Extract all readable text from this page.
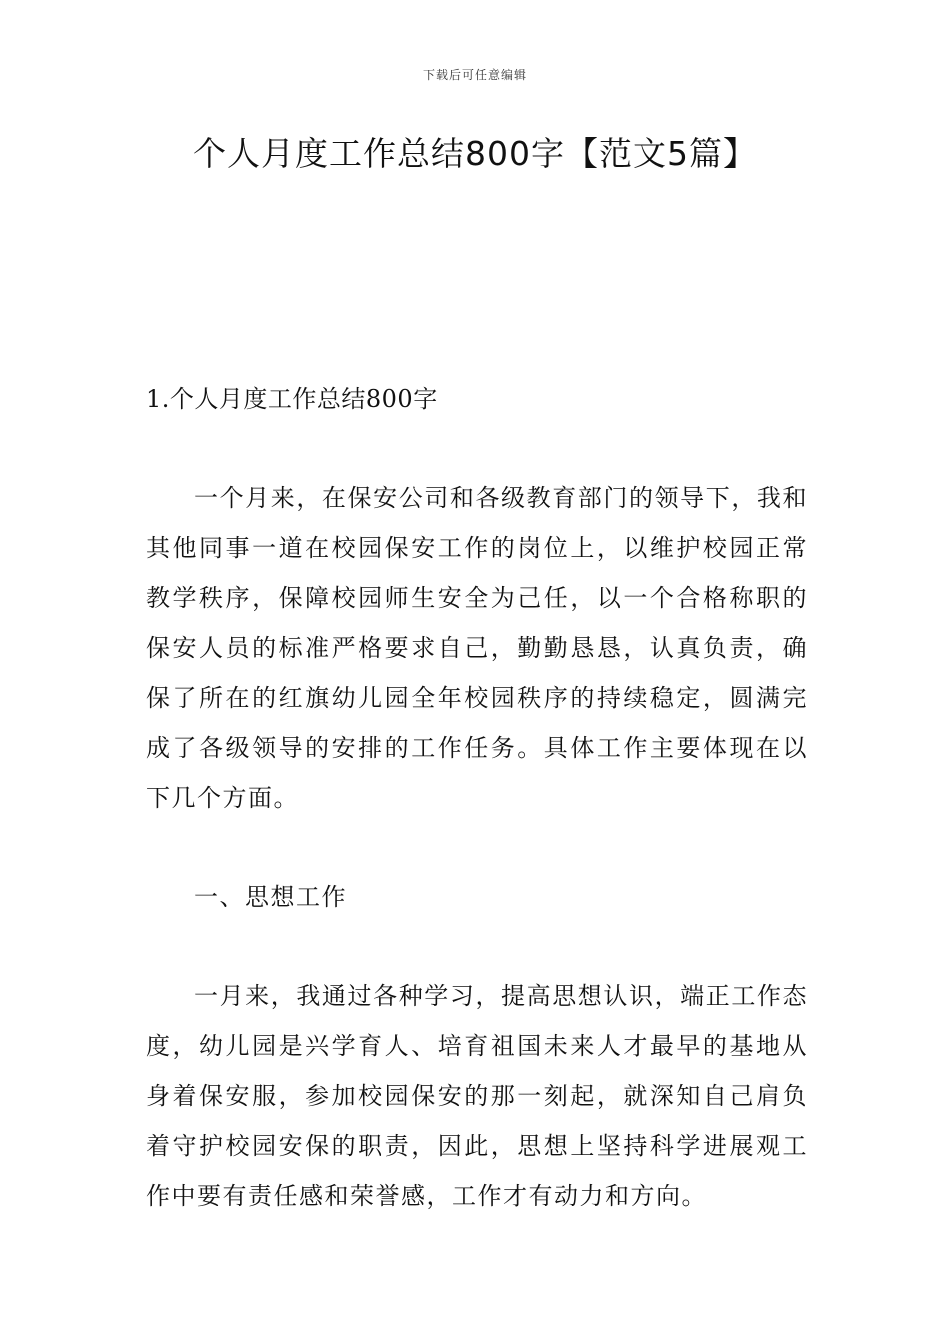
下载后可任意编辑
个人月度工作总结800字【范文5篇】
1.个人月度工作总结800字

一个月来，在保安公司和各级教育部门的领导下，我和其他同事一道在校园保安工作的岗位上，以维护校园正常教学秩序，保障校园师生安全为己任，以一个合格称职的保安人员的标准严格要求自己，勤勤恳恳，认真负责，确保了所在的红旗幼儿园全年校园秩序的持续稳定，圆满完成了各级领导的安排的工作任务。具体工作主要体现在以下几个方面。

一、思想工作

一月来，我通过各种学习，提高思想认识，端正工作态度，幼儿园是兴学育人、培育祖国未来人才最早的基地从身着保安服，参加校园保安的那一刻起，就深知自己肩负着守护校园安保的职责，因此，思想上坚持科学进展观工作中要有责任感和荣誉感，工作才有动力和方向。
